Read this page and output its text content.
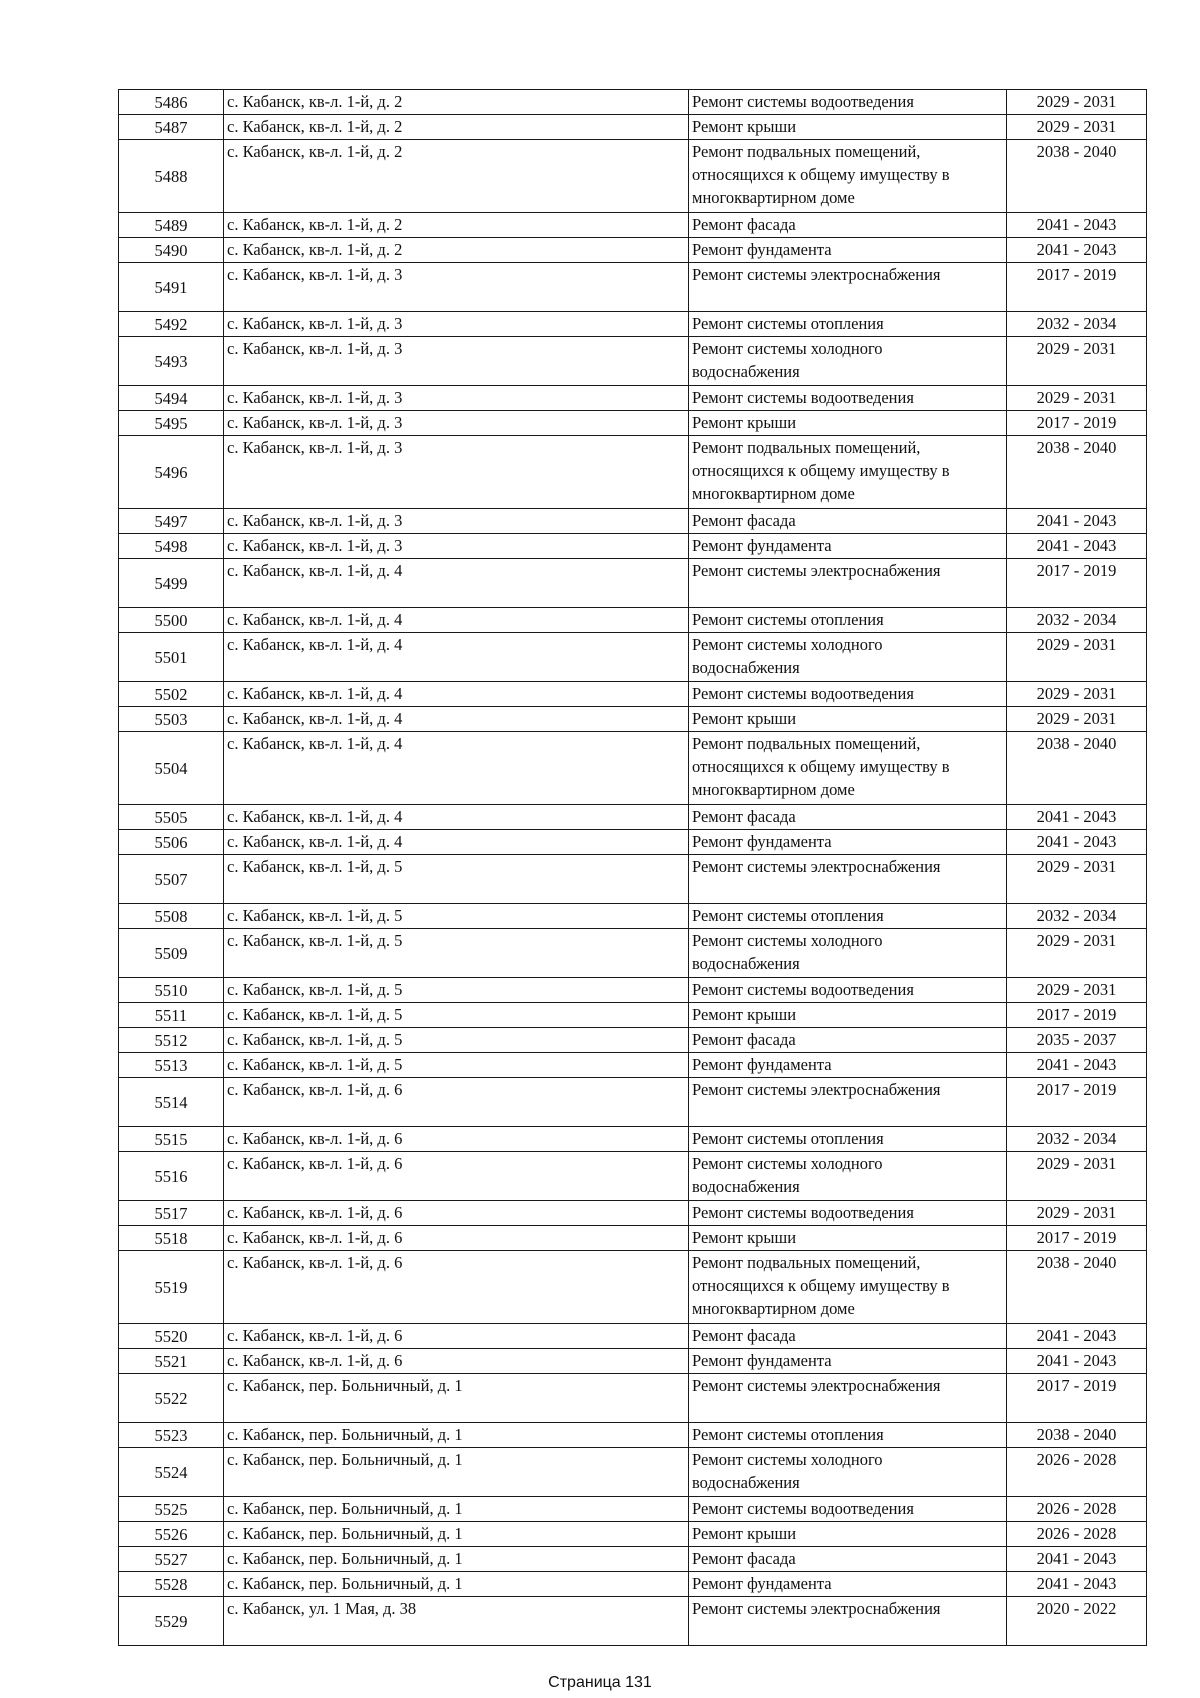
5486	с. Кабанск, кв-л. 1-й, д. 2	Ремонт системы водоотведения	2029 - 2031
5487	с. Кабанск, кв-л. 1-й, д. 2	Ремонт крыши	2029 - 2031
5488	с. Кабанск, кв-л. 1-й, д. 2	Ремонт подвальных помещений,
относящихся к общему имуществу в
многоквартирном доме	2038 - 2040
5489	с. Кабанск, кв-л. 1-й, д. 2	Ремонт фасада	2041 - 2043
5490	с. Кабанск, кв-л. 1-й, д. 2	Ремонт фундамента	2041 - 2043
5491	с. Кабанск, кв-л. 1-й, д. 3	Ремонт системы электроснабжения	2017 - 2019
5492	с. Кабанск, кв-л. 1-й, д. 3	Ремонт системы отопления	2032 - 2034
5493	с. Кабанск, кв-л. 1-й, д. 3	Ремонт системы холодного
водоснабжения	2029 - 2031
5494	с. Кабанск, кв-л. 1-й, д. 3	Ремонт системы водоотведения	2029 - 2031
5495	с. Кабанск, кв-л. 1-й, д. 3	Ремонт крыши	2017 - 2019
5496	с. Кабанск, кв-л. 1-й, д. 3	Ремонт подвальных помещений,
относящихся к общему имуществу в
многоквартирном доме	2038 - 2040
5497	с. Кабанск, кв-л. 1-й, д. 3	Ремонт фасада	2041 - 2043
5498	с. Кабанск, кв-л. 1-й, д. 3	Ремонт фундамента	2041 - 2043
5499	с. Кабанск, кв-л. 1-й, д. 4	Ремонт системы электроснабжения	2017 - 2019
5500	с. Кабанск, кв-л. 1-й, д. 4	Ремонт системы отопления	2032 - 2034
5501	с. Кабанск, кв-л. 1-й, д. 4	Ремонт системы холодного
водоснабжения	2029 - 2031
5502	с. Кабанск, кв-л. 1-й, д. 4	Ремонт системы водоотведения	2029 - 2031
5503	с. Кабанск, кв-л. 1-й, д. 4	Ремонт крыши	2029 - 2031
5504	с. Кабанск, кв-л. 1-й, д. 4	Ремонт подвальных помещений,
относящихся к общему имуществу в
многоквартирном доме	2038 - 2040
5505	с. Кабанск, кв-л. 1-й, д. 4	Ремонт фасада	2041 - 2043
5506	с. Кабанск, кв-л. 1-й, д. 4	Ремонт фундамента	2041 - 2043
5507	с. Кабанск, кв-л. 1-й, д. 5	Ремонт системы электроснабжения	2029 - 2031
5508	с. Кабанск, кв-л. 1-й, д. 5	Ремонт системы отопления	2032 - 2034
5509	с. Кабанск, кв-л. 1-й, д. 5	Ремонт системы холодного
водоснабжения	2029 - 2031
5510	с. Кабанск, кв-л. 1-й, д. 5	Ремонт системы водоотведения	2029 - 2031
5511	с. Кабанск, кв-л. 1-й, д. 5	Ремонт крыши	2017 - 2019
5512	с. Кабанск, кв-л. 1-й, д. 5	Ремонт фасада	2035 - 2037
5513	с. Кабанск, кв-л. 1-й, д. 5	Ремонт фундамента	2041 - 2043
5514	с. Кабанск, кв-л. 1-й, д. 6	Ремонт системы электроснабжения	2017 - 2019
5515	с. Кабанск, кв-л. 1-й, д. 6	Ремонт системы отопления	2032 - 2034
5516	с. Кабанск, кв-л. 1-й, д. 6	Ремонт системы холодного
водоснабжения	2029 - 2031
5517	с. Кабанск, кв-л. 1-й, д. 6	Ремонт системы водоотведения	2029 - 2031
5518	с. Кабанск, кв-л. 1-й, д. 6	Ремонт крыши	2017 - 2019
5519	с. Кабанск, кв-л. 1-й, д. 6	Ремонт подвальных помещений,
относящихся к общему имуществу в
многоквартирном доме	2038 - 2040
5520	с. Кабанск, кв-л. 1-й, д. 6	Ремонт фасада	2041 - 2043
5521	с. Кабанск, кв-л. 1-й, д. 6	Ремонт фундамента	2041 - 2043
5522	с. Кабанск, пер. Больничный, д. 1	Ремонт системы электроснабжения	2017 - 2019
5523	с. Кабанск, пер. Больничный, д. 1	Ремонт системы отопления	2038 - 2040
5524	с. Кабанск, пер. Больничный, д. 1	Ремонт системы холодного
водоснабжения	2026 - 2028
5525	с. Кабанск, пер. Больничный, д. 1	Ремонт системы водоотведения	2026 - 2028
5526	с. Кабанск, пер. Больничный, д. 1	Ремонт крыши	2026 - 2028
5527	с. Кабанск, пер. Больничный, д. 1	Ремонт фасада	2041 - 2043
5528	с. Кабанск, пер. Больничный, д. 1	Ремонт фундамента	2041 - 2043
5529	с. Кабанск, ул. 1 Мая, д. 38	Ремонт системы электроснабжения	2020 - 2022
Страница 131
